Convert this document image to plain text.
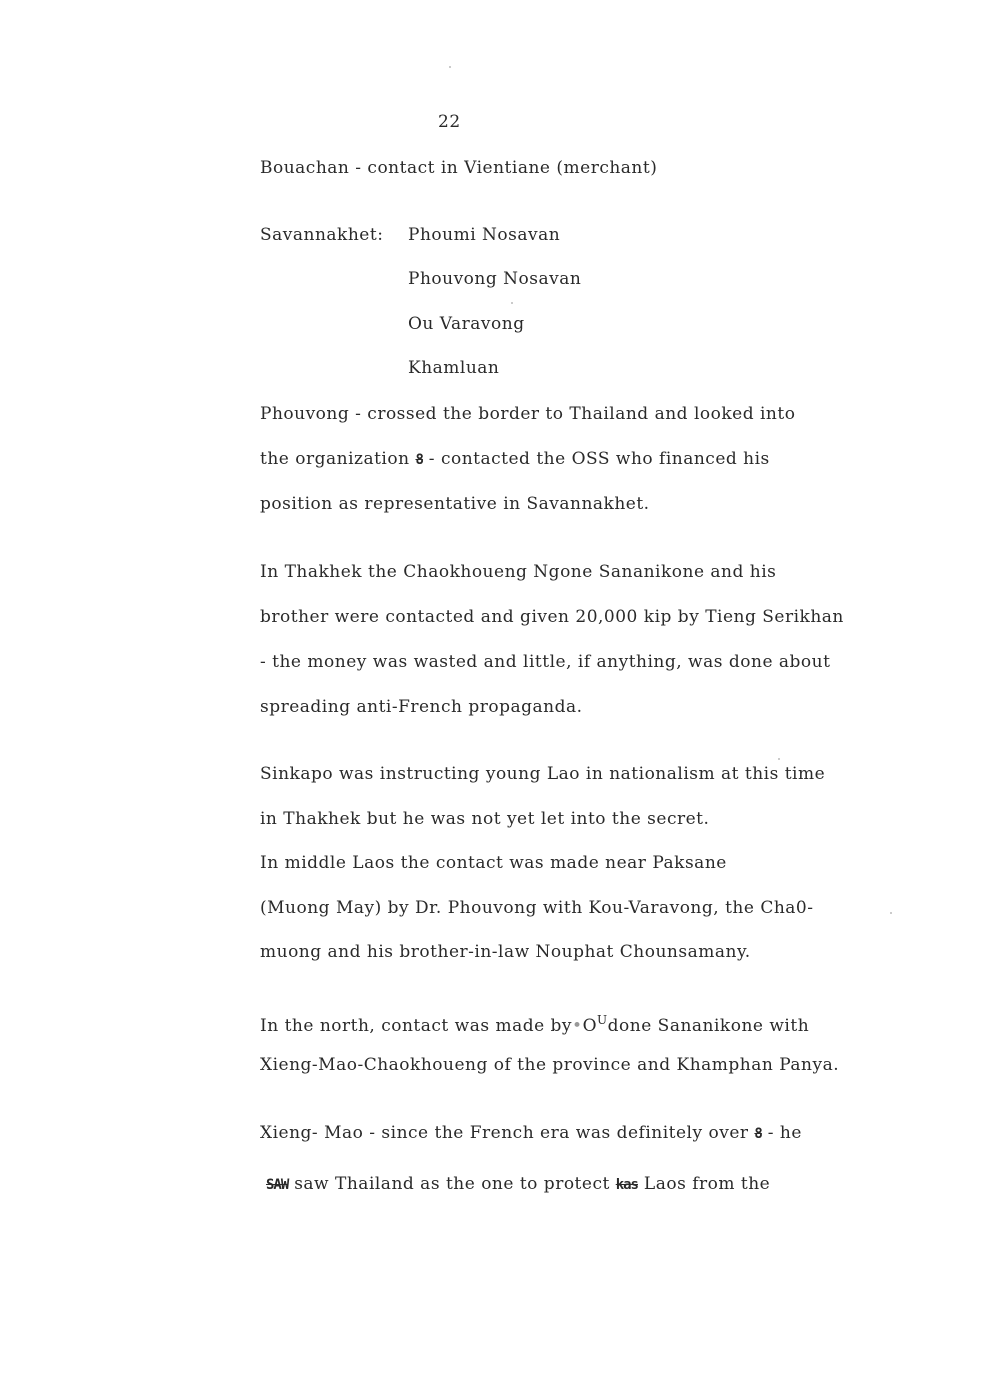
22
Bouachan - contact in Vientiane (merchant)
Savannakhet: Phoumi Nosavan
Phouvong Nosavan
Ou Varavong
Khamluan
Phouvong - crossed the border to Thailand and looked into
the organization 8 - contacted the OSS who financed his
position as representative in Savannakhet.
In Thakhek the Chaokhoueng Ngone Sananikone and his
brother were contacted and given 20,000 kip by Tieng Serikhan
- the money was wasted and little, if anything, was done about
spreading anti-French propaganda.
Sinkapo was instructing young Lao in nationalism at this time
in Thakhek but he was not yet let into the secret.
In middle Laos the contact was made near Paksane
(Muong May) by Dr. Phouvong with Kou-Varavong, the Cha0-
muong and his brother-in-law Nouphat Chounsamany.
In the north, contact was made $by•O^Udone$ Sananikone with
Xieng-Mao-Chaokhoueng of the province and Khamphan Panya.
Xieng- Mao - since the French era was definitely over 8 - he
SAW saw Thailand as the one to protect kas Laos from the
